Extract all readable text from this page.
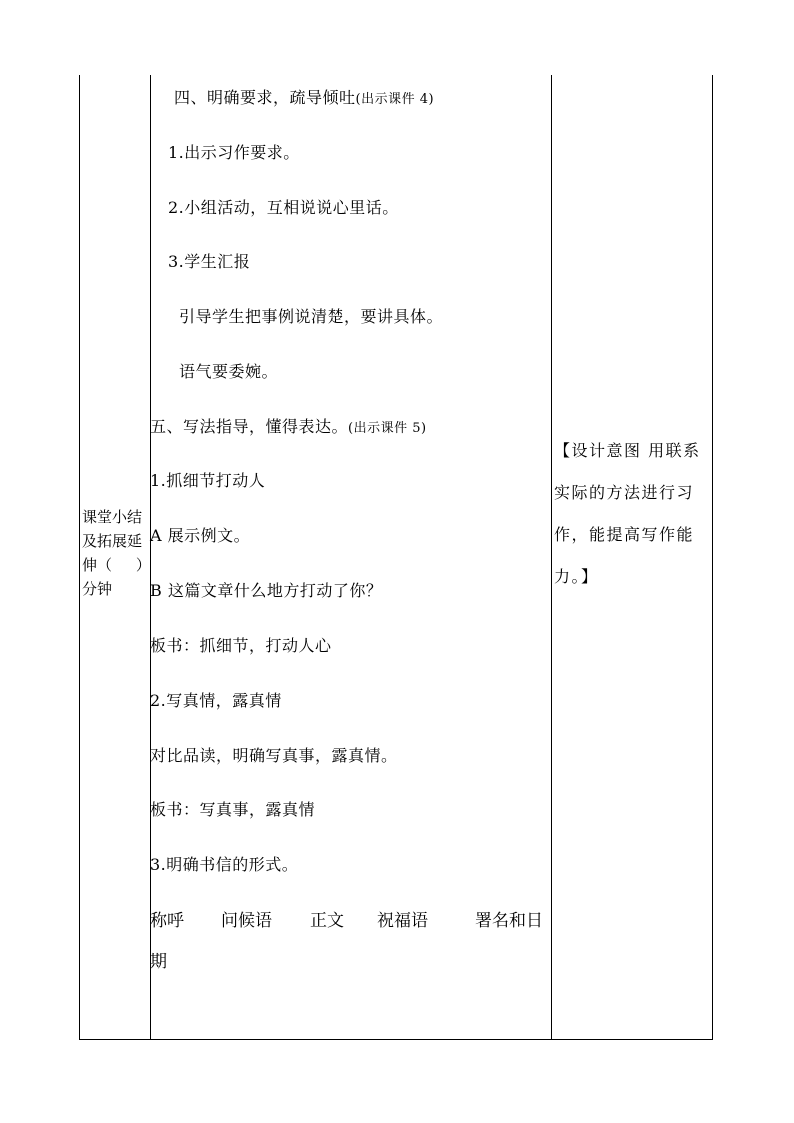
课堂小结及拓展延伸（     ）分钟
四、明确要求，疏导倾吐(出示课件 4)
1.出示习作要求。
2.小组活动，互相说说心里话。
3.学生汇报
引导学生把事例说清楚，要讲具体。
语气要委婉。
五、写法指导，懂得表达。(出示课件 5)
1.抓细节打动人
A 展示例文。
B 这篇文章什么地方打动了你？
板书：抓细节，打动人心
2.写真情，露真情
对比品读，明确写真事，露真情。
板书：写真事，露真情
3.明确书信的形式。
称呼 问候语 正文 祝福语	署名和日
期
【设计意图 用联系实际的方法进行习作，能提高写作能力。】
